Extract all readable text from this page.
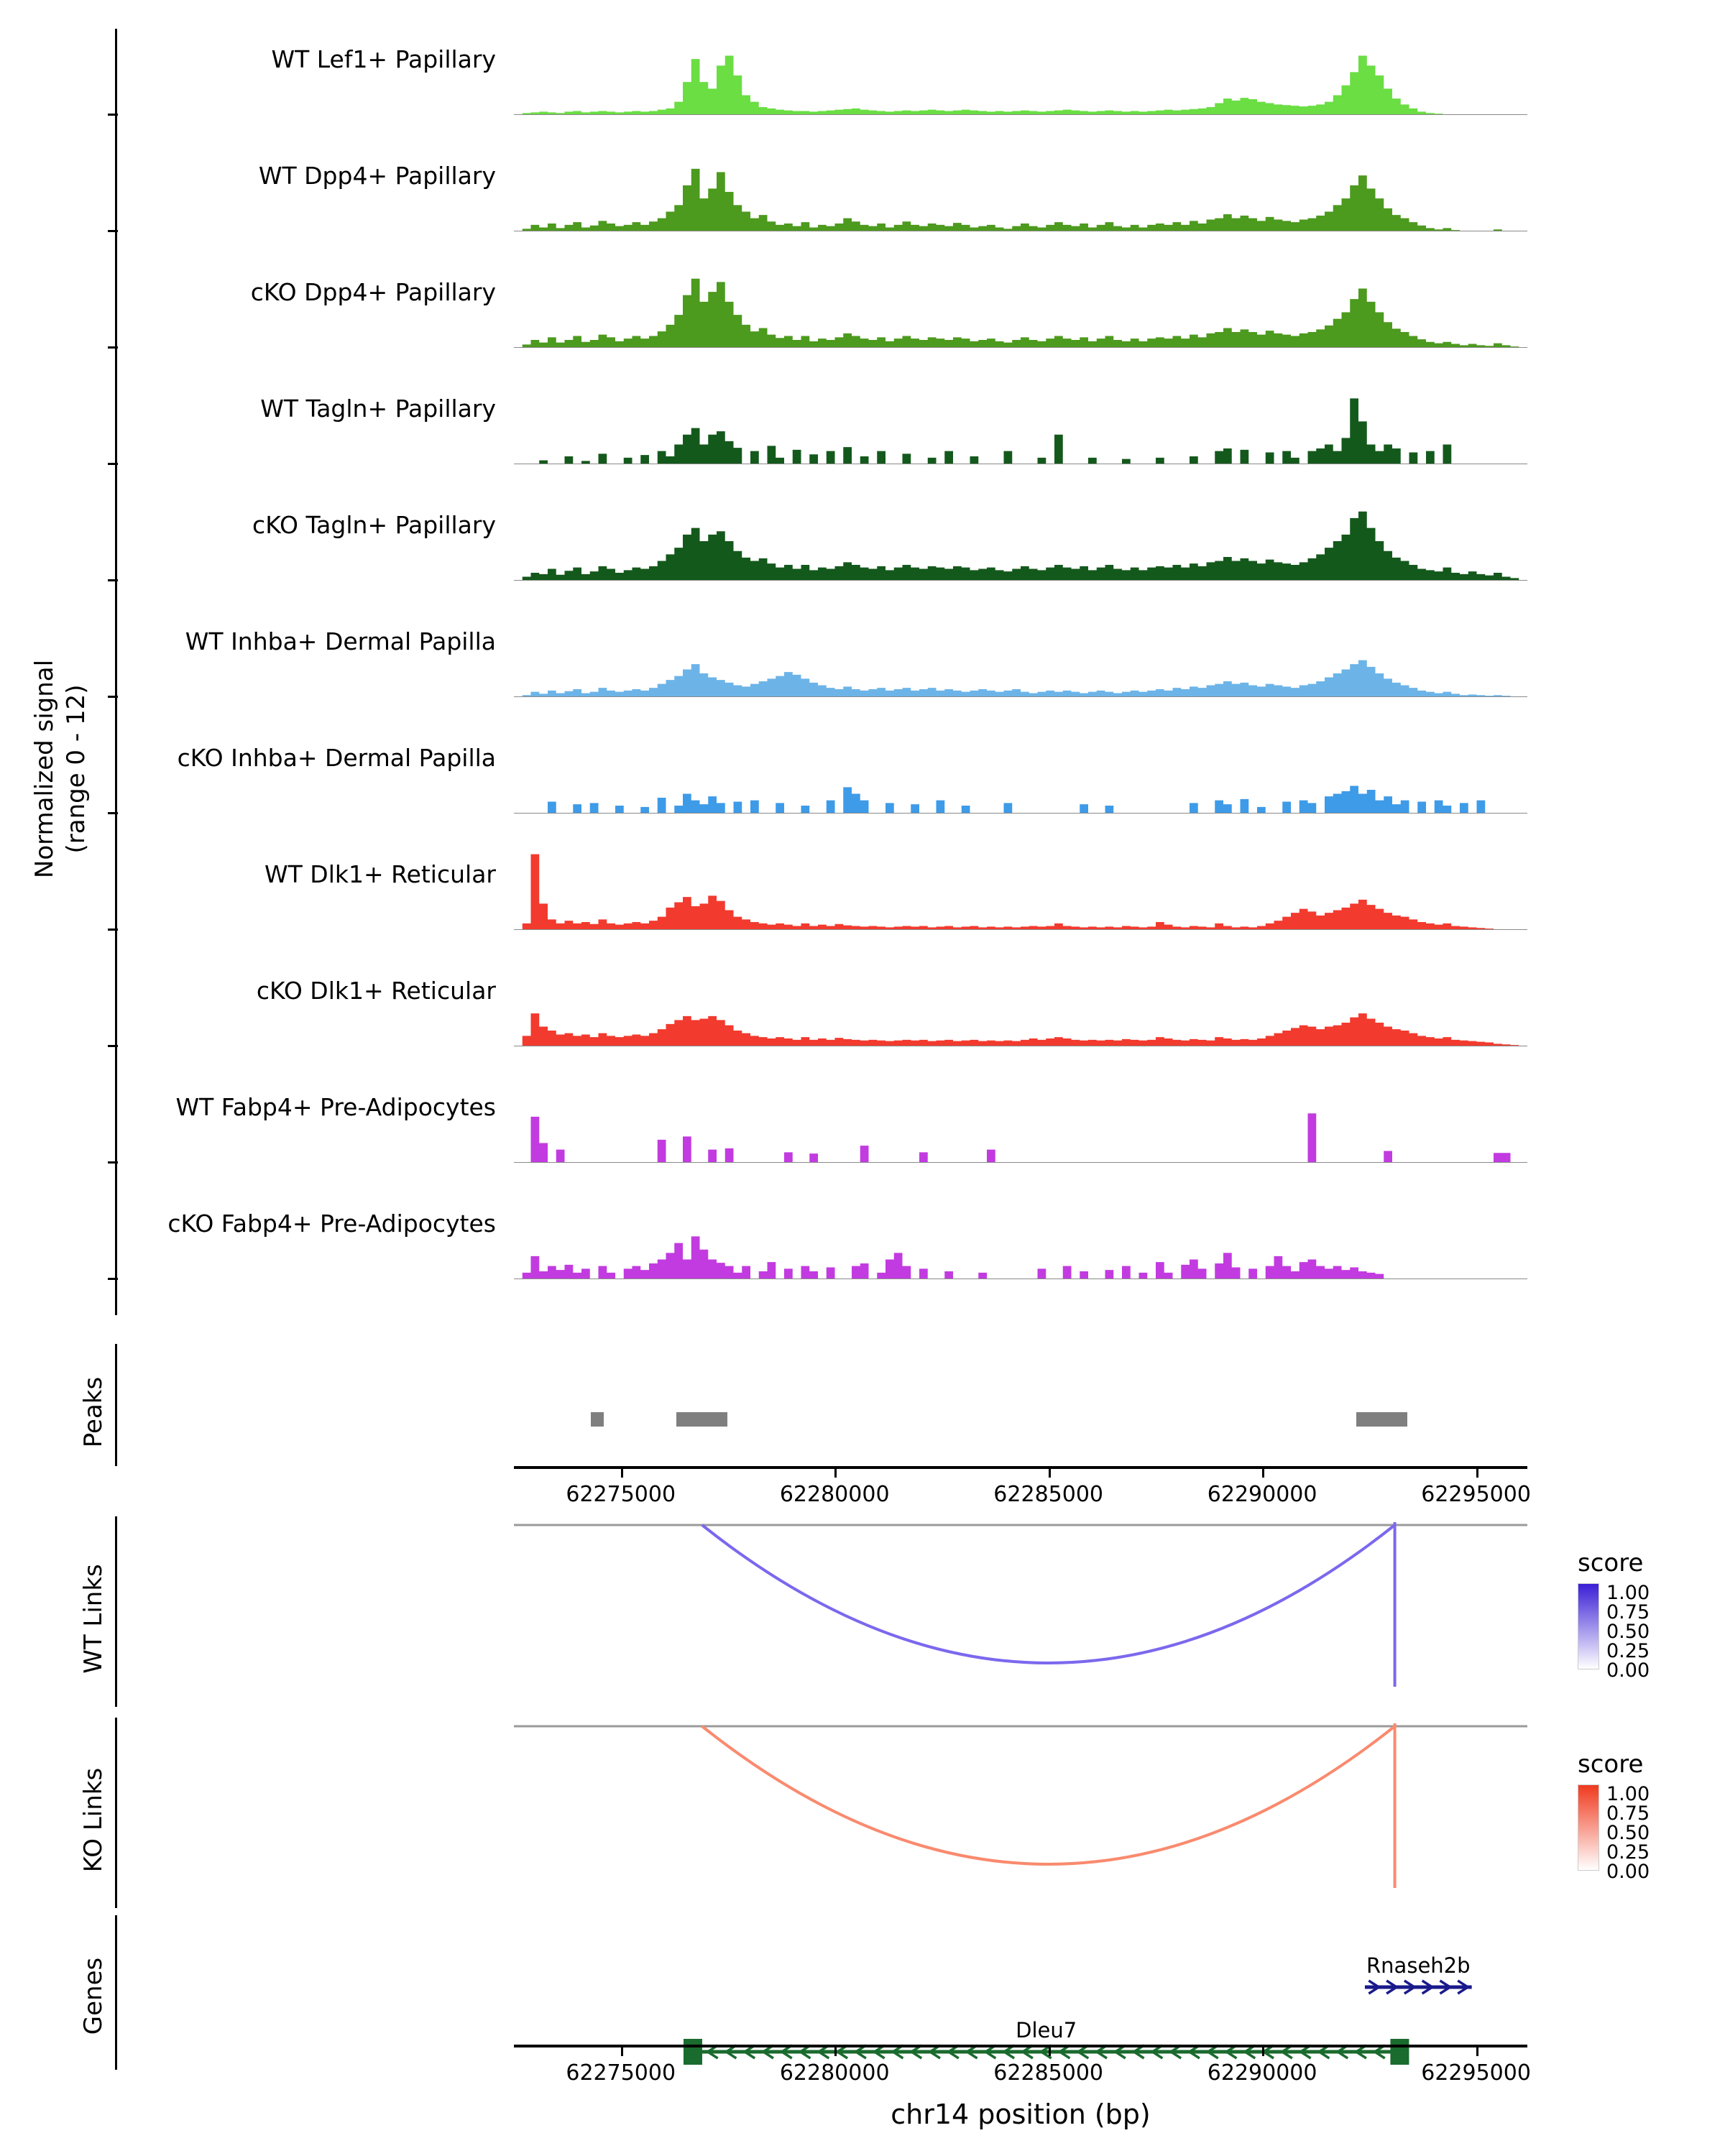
Normalized signal (range 0 - 12)
WT Lef1+ Papillary
WT Dpp4+ Papillary
cKO Dpp4+ Papillary
WT Tagln+ Papillary
cKO Tagln+ Papillary
WT Inhba+ Dermal Papilla
cKO Inhba+ Dermal Papilla
WT Dlk1+ Reticular
cKO Dlk1+ Reticular
WT Fabp4+ Pre-Adipocytes
cKO Fabp4+ Pre-Adipocytes
Peaks
62275000	62280000	62285000	62290000	62295000
WT Links
score
1.00
0.75
0.50
0.25
0.00
KO Links
score
1.00
0.75
0.50
0.25
0.00
Genes	Rnaseh2b
Dleu7
62275000	62280000	62285000	62290000	62295000
chr14 position (bp)
